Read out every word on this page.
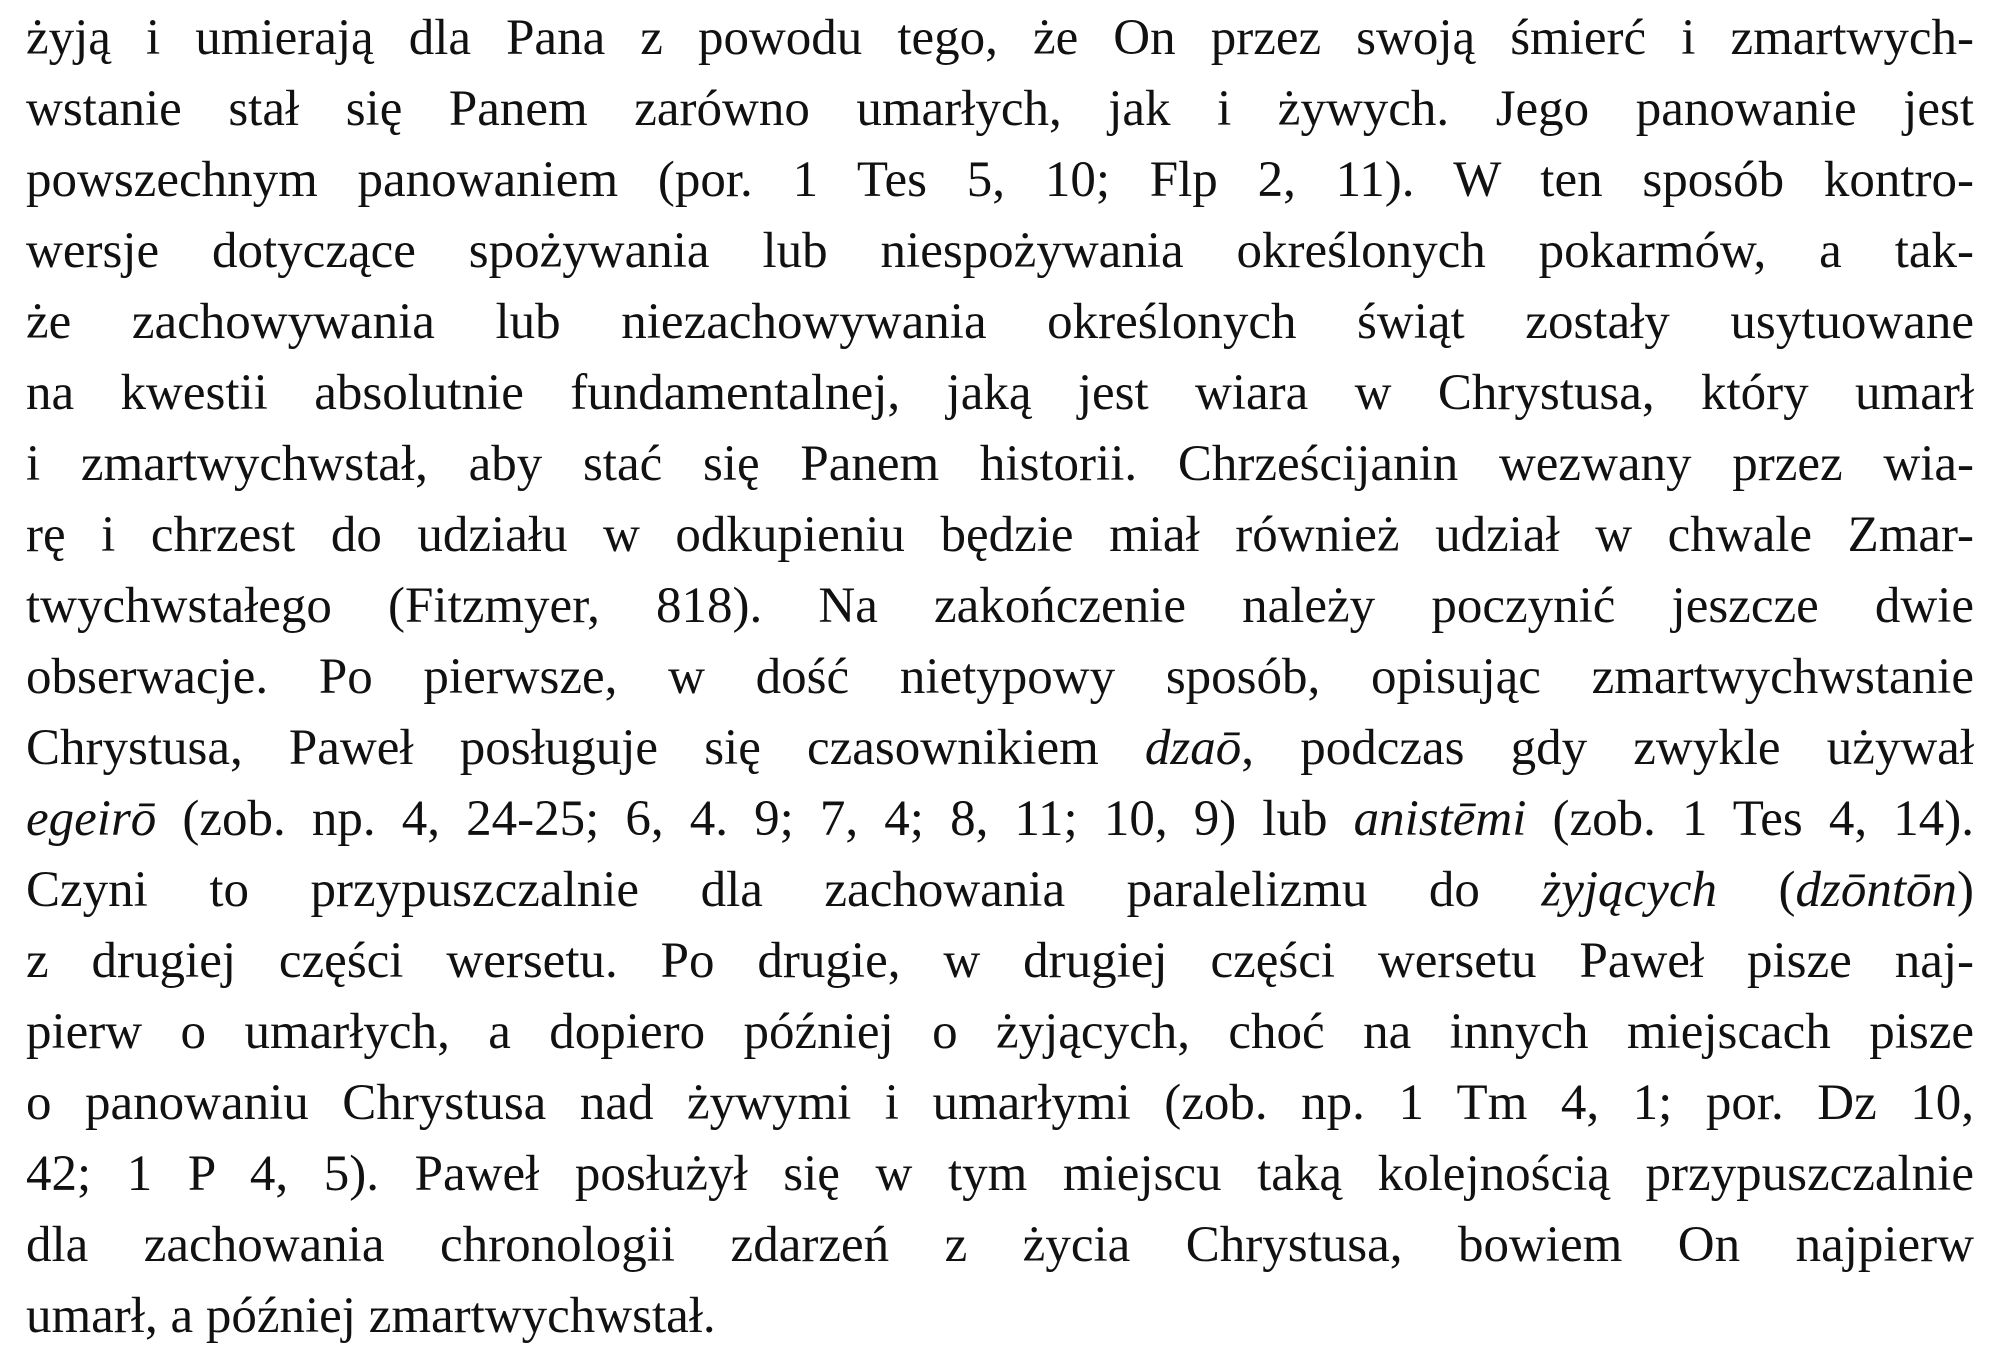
żyją i umierają dla Pana z powodu tego, że On przez swoją śmierć i zmartwych-
wstanie stał się Panem zarówno umarłych, jak i żywych. Jego panowanie jest
powszechnym panowaniem (por. 1 Tes 5, 10; Flp 2, 11). W ten sposób kontro-
wersje dotyczące spożywania lub niespożywania określonych pokarmów, a tak-
że zachowywania lub niezachowywania określonych świąt zostały usytuowane
na kwestii absolutnie fundamentalnej, jaką jest wiara w Chrystusa, który umarł
i zmartwychwstał, aby stać się Panem historii. Chrześcijanin wezwany przez wia-
rę i chrzest do udziału w odkupieniu będzie miał również udział w chwale Zmar-
twychwstałego (Fitzmyer, 818). Na zakończenie należy poczynić jeszcze dwie
obserwacje. Po pierwsze, w dość nietypowy sposób, opisując zmartwychwstanie
Chrystusa, Paweł posługuje się czasownikiem dzaō, podczas gdy zwykle używał
egeirō (zob. np. 4, 24-25; 6, 4. 9; 7, 4; 8, 11; 10, 9) lub anistēmi (zob. 1 Tes 4, 14).
Czyni to przypuszczalnie dla zachowania paralelizmu do żyjących (dzōntōn)
z drugiej części wersetu. Po drugie, w drugiej części wersetu Paweł pisze naj-
pierw o umarłych, a dopiero później o żyjących, choć na innych miejscach pisze
o panowaniu Chrystusa nad żywymi i umarłymi (zob. np. 1 Tm 4, 1; por. Dz 10,
42; 1 P 4, 5). Paweł posłużył się w tym miejscu taką kolejnością przypuszczalnie
dla zachowania chronologii zdarzeń z życia Chrystusa, bowiem On najpierw
umarł, a później zmartwychwstał.
